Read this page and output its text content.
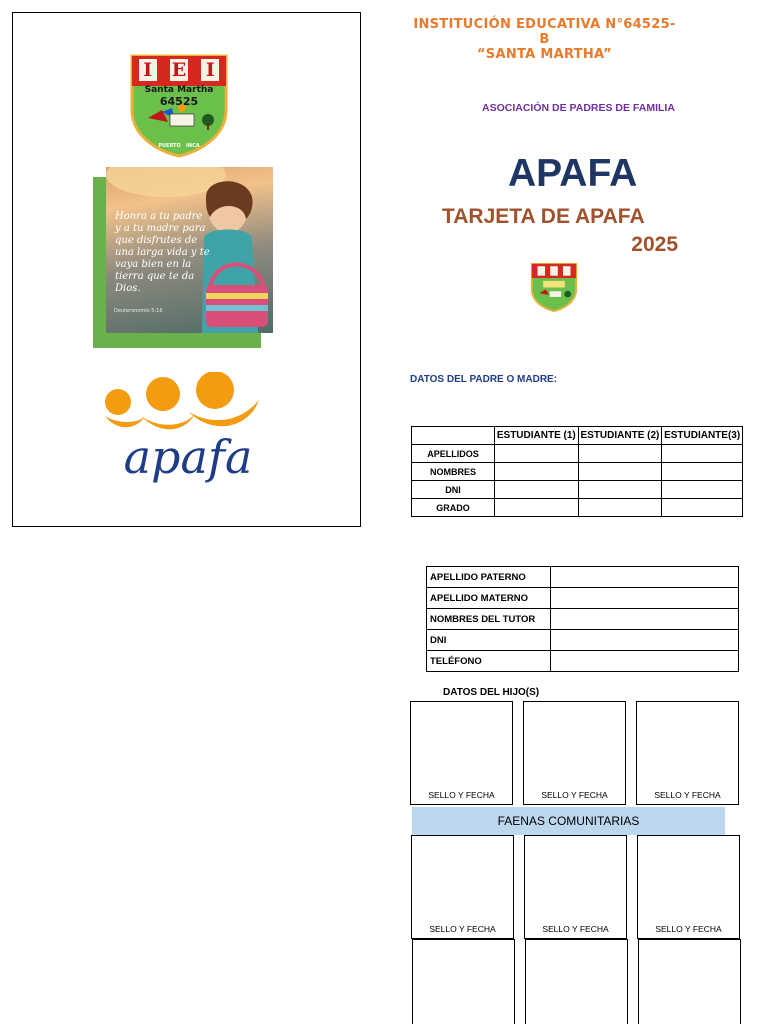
I E I
Santa Martha
64525
PUERTO INCA
Honra a tu padre y a tu madre para que disfrutes de una larga vida y te vaya bien en la tierra que te da Dios.
Deuteronomio 5:16
apafa
INSTITUCIÓN EDUCATIVA N°64525-
B
“SANTA MARTHA”
ASOCIACIÓN DE PADRES DE FAMILIA
APAFA
TARJETA DE APAFA
2025
DATOS DEL PADRE O MADRE:
	ESTUDIANTE (1)	ESTUDIANTE (2)	ESTUDIANTE(3)
APELLIDOS			
NOMBRES			
DNI			
GRADO			
APELLIDO PATERNO	
APELLIDO MATERNO	
NOMBRES DEL TUTOR	
DNI	
TELÉFONO	
DATOS DEL HIJO(S)
SELLO Y FECHA	SELLO Y FECHA	SELLO Y FECHA
FAENAS COMUNITARIAS
SELLO Y FECHA	SELLO Y FECHA	SELLO Y FECHA
